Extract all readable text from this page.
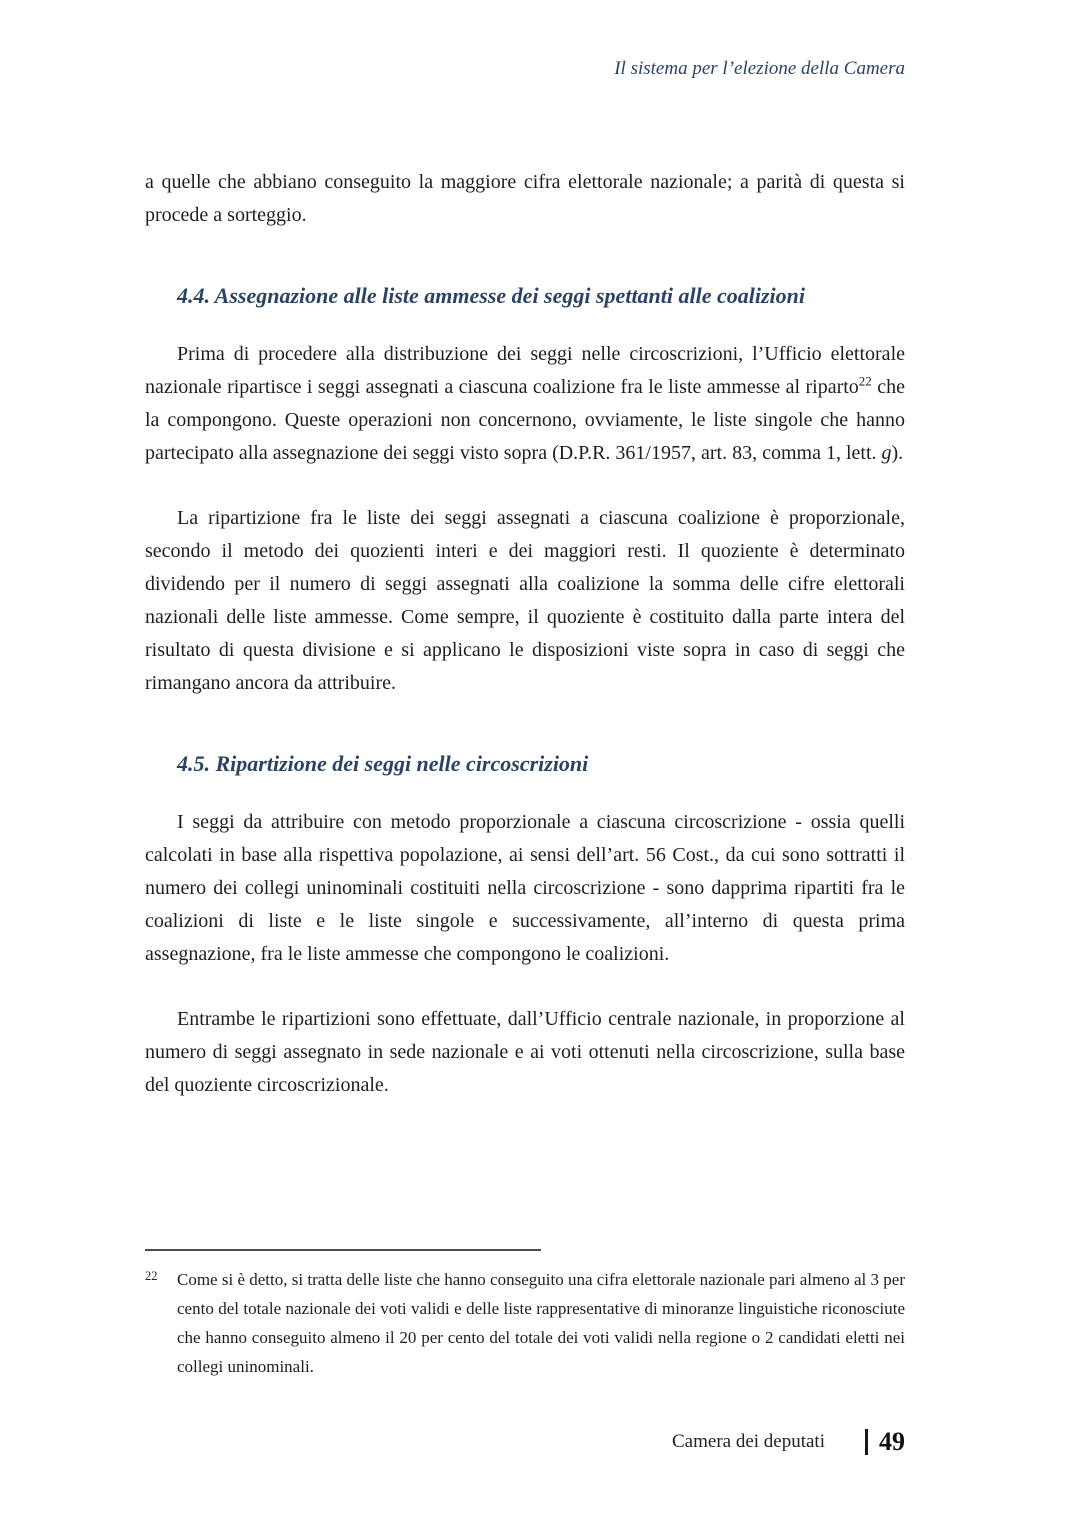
Il sistema per l’elezione della Camera

a quelle che abbiano conseguito la maggiore cifra elettorale nazionale; a parità di questa si procede a sorteggio.

4.4. Assegnazione alle liste ammesse dei seggi spettanti alle coalizioni

Prima di procedere alla distribuzione dei seggi nelle circoscrizioni, l’Ufficio elettorale nazionale ripartisce i seggi assegnati a ciascuna coalizione fra le liste ammesse al riparto$^{22}$ che la compongono. Queste operazioni non concernono, ovviamente, le liste singole che hanno partecipato alla assegnazione dei seggi visto sopra (D.P.R. 361/1957, art. 83, comma 1, lett. g).

La ripartizione fra le liste dei seggi assegnati a ciascuna coalizione è proporzionale, secondo il metodo dei quozienti interi e dei maggiori resti. Il quoziente è determinato dividendo per il numero di seggi assegnati alla coalizione la somma delle cifre elettorali nazionali delle liste ammesse. Come sempre, il quoziente è costituito dalla parte intera del risultato di questa divisione e si applicano le disposizioni viste sopra in caso di seggi che rimangano ancora da attribuire.

4.5. Ripartizione dei seggi nelle circoscrizioni

I seggi da attribuire con metodo proporzionale a ciascuna circoscrizione - ossia quelli calcolati in base alla rispettiva popolazione, ai sensi dell’art. 56 Cost., da cui sono sottratti il numero dei collegi uninominali costituiti nella circoscrizione - sono dapprima ripartiti fra le coalizioni di liste e le liste singole e successivamente, all’interno di questa prima assegnazione, fra le liste ammesse che compongono le coalizioni.

Entrambe le ripartizioni sono effettuate, dall’Ufficio centrale nazionale, in proporzione al numero di seggi assegnato in sede nazionale e ai voti ottenuti nella circoscrizione, sulla base del quoziente circoscrizionale.

22	Come si è detto, si tratta delle liste che hanno conseguito una cifra elettorale nazionale pari almeno al 3 per cento del totale nazionale dei voti validi e delle liste rappresentative di minoranze linguistiche riconosciute che hanno conseguito almeno il 20 per cento del totale dei voti validi nella regione o 2 candidati eletti nei collegi uninominali.
Camera dei deputati 49
